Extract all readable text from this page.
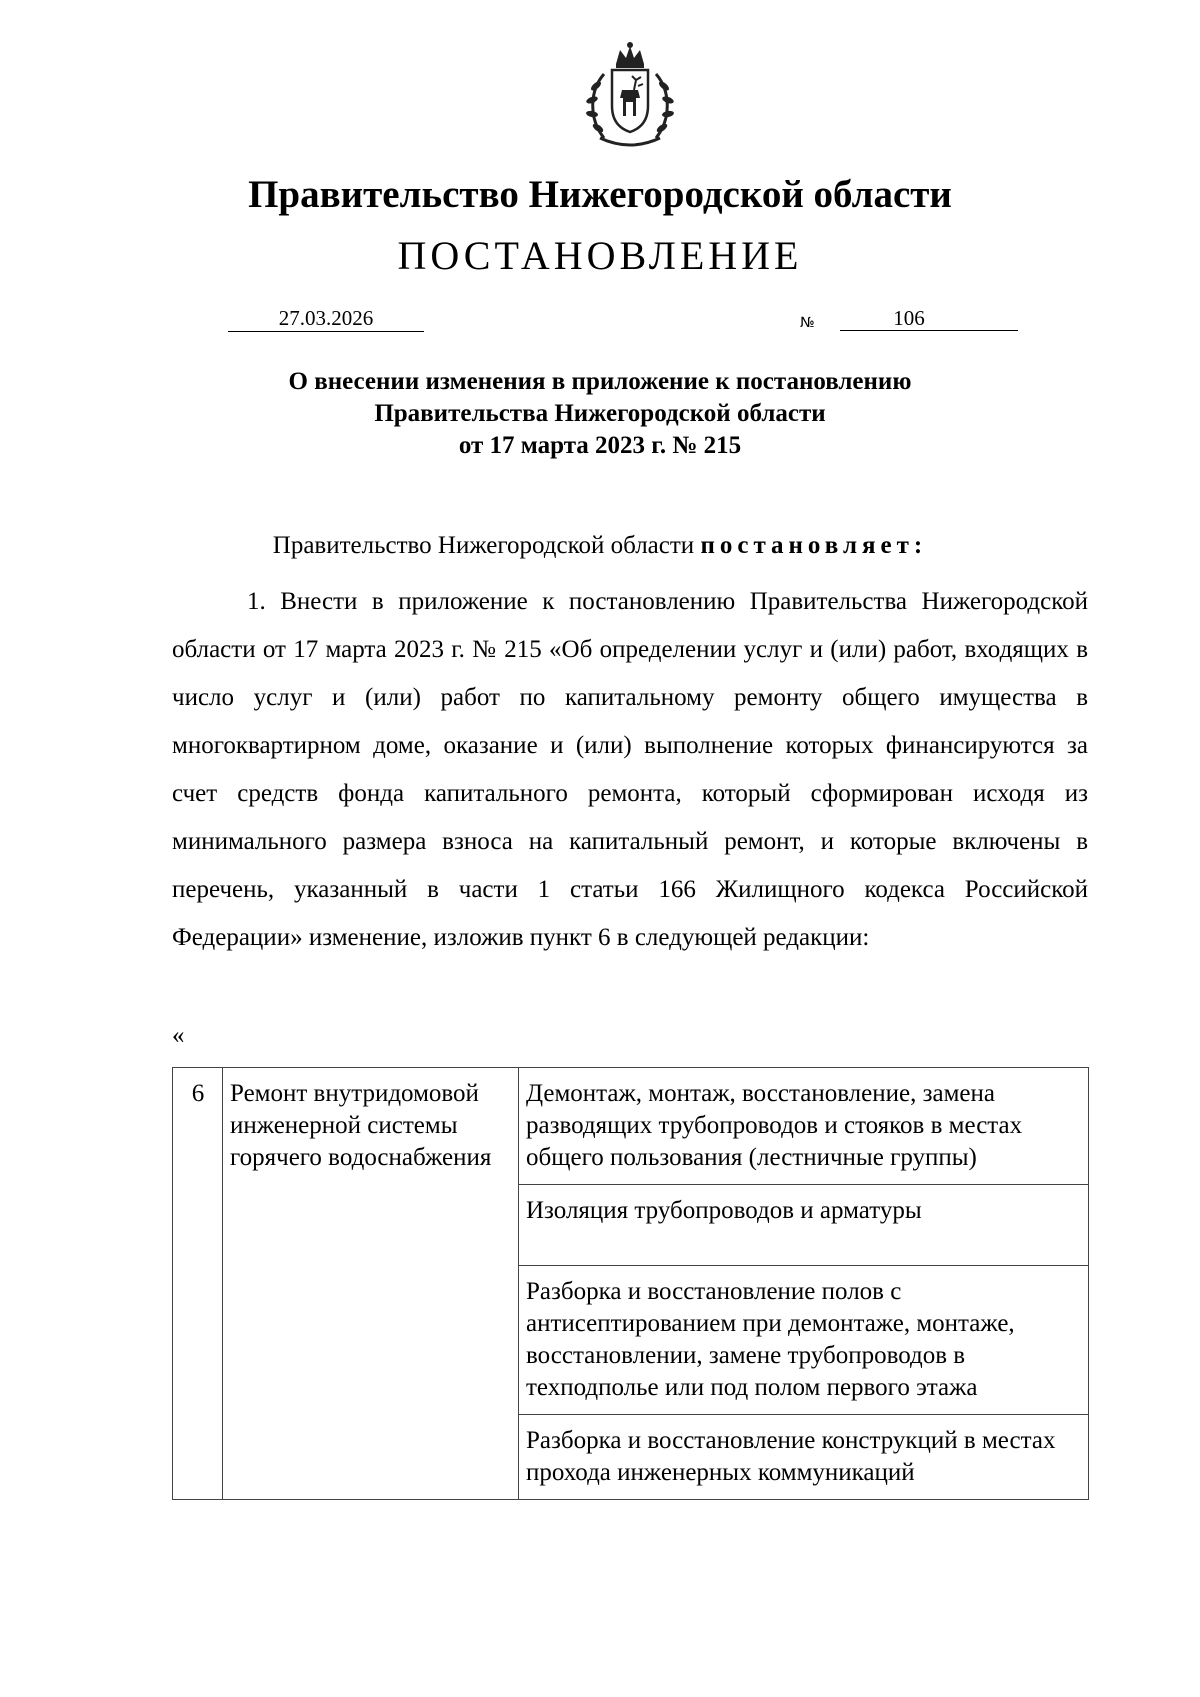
Правительство Нижегородской области
ПОСТАНОВЛЕНИЕ
27.03.2026	№	106
О внесении изменения в приложение к постановлению
Правительства Нижегородской области
от 17 марта 2023 г. № 215
Правительство Нижегородской области постановляет:
1. Внести в приложение к постановлению Правительства Нижегородской области от 17 марта 2023 г. № 215 «Об определении услуг и (или) работ, входящих в число услуг и (или) работ по капитальному ремонту общего имущества в многоквартирном доме, оказание и (или) выполнение которых финансируются за счет средств фонда капитального ремонта, который сформирован исходя из минимального размера взноса на капитальный ремонт, и которые включены в перечень, указанный в части 1 статьи 166 Жилищного кодекса Российской Федерации» изменение, изложив пункт 6 в следующей редакции:
«
6	Ремонт внутридомовой инженерной системы горячего водоснабжения	Демонтаж, монтаж, восстановление, замена разводящих трубопроводов и стояков в местах общего пользования (лестничные группы)
Изоляция трубопроводов и арматуры
Разборка и восстановление полов с антисептированием при демонтаже, монтаже, восстановлении, замене трубопроводов в техподполье или под полом первого этажа
Разборка и восстановление конструкций в местах прохода инженерных коммуникаций
